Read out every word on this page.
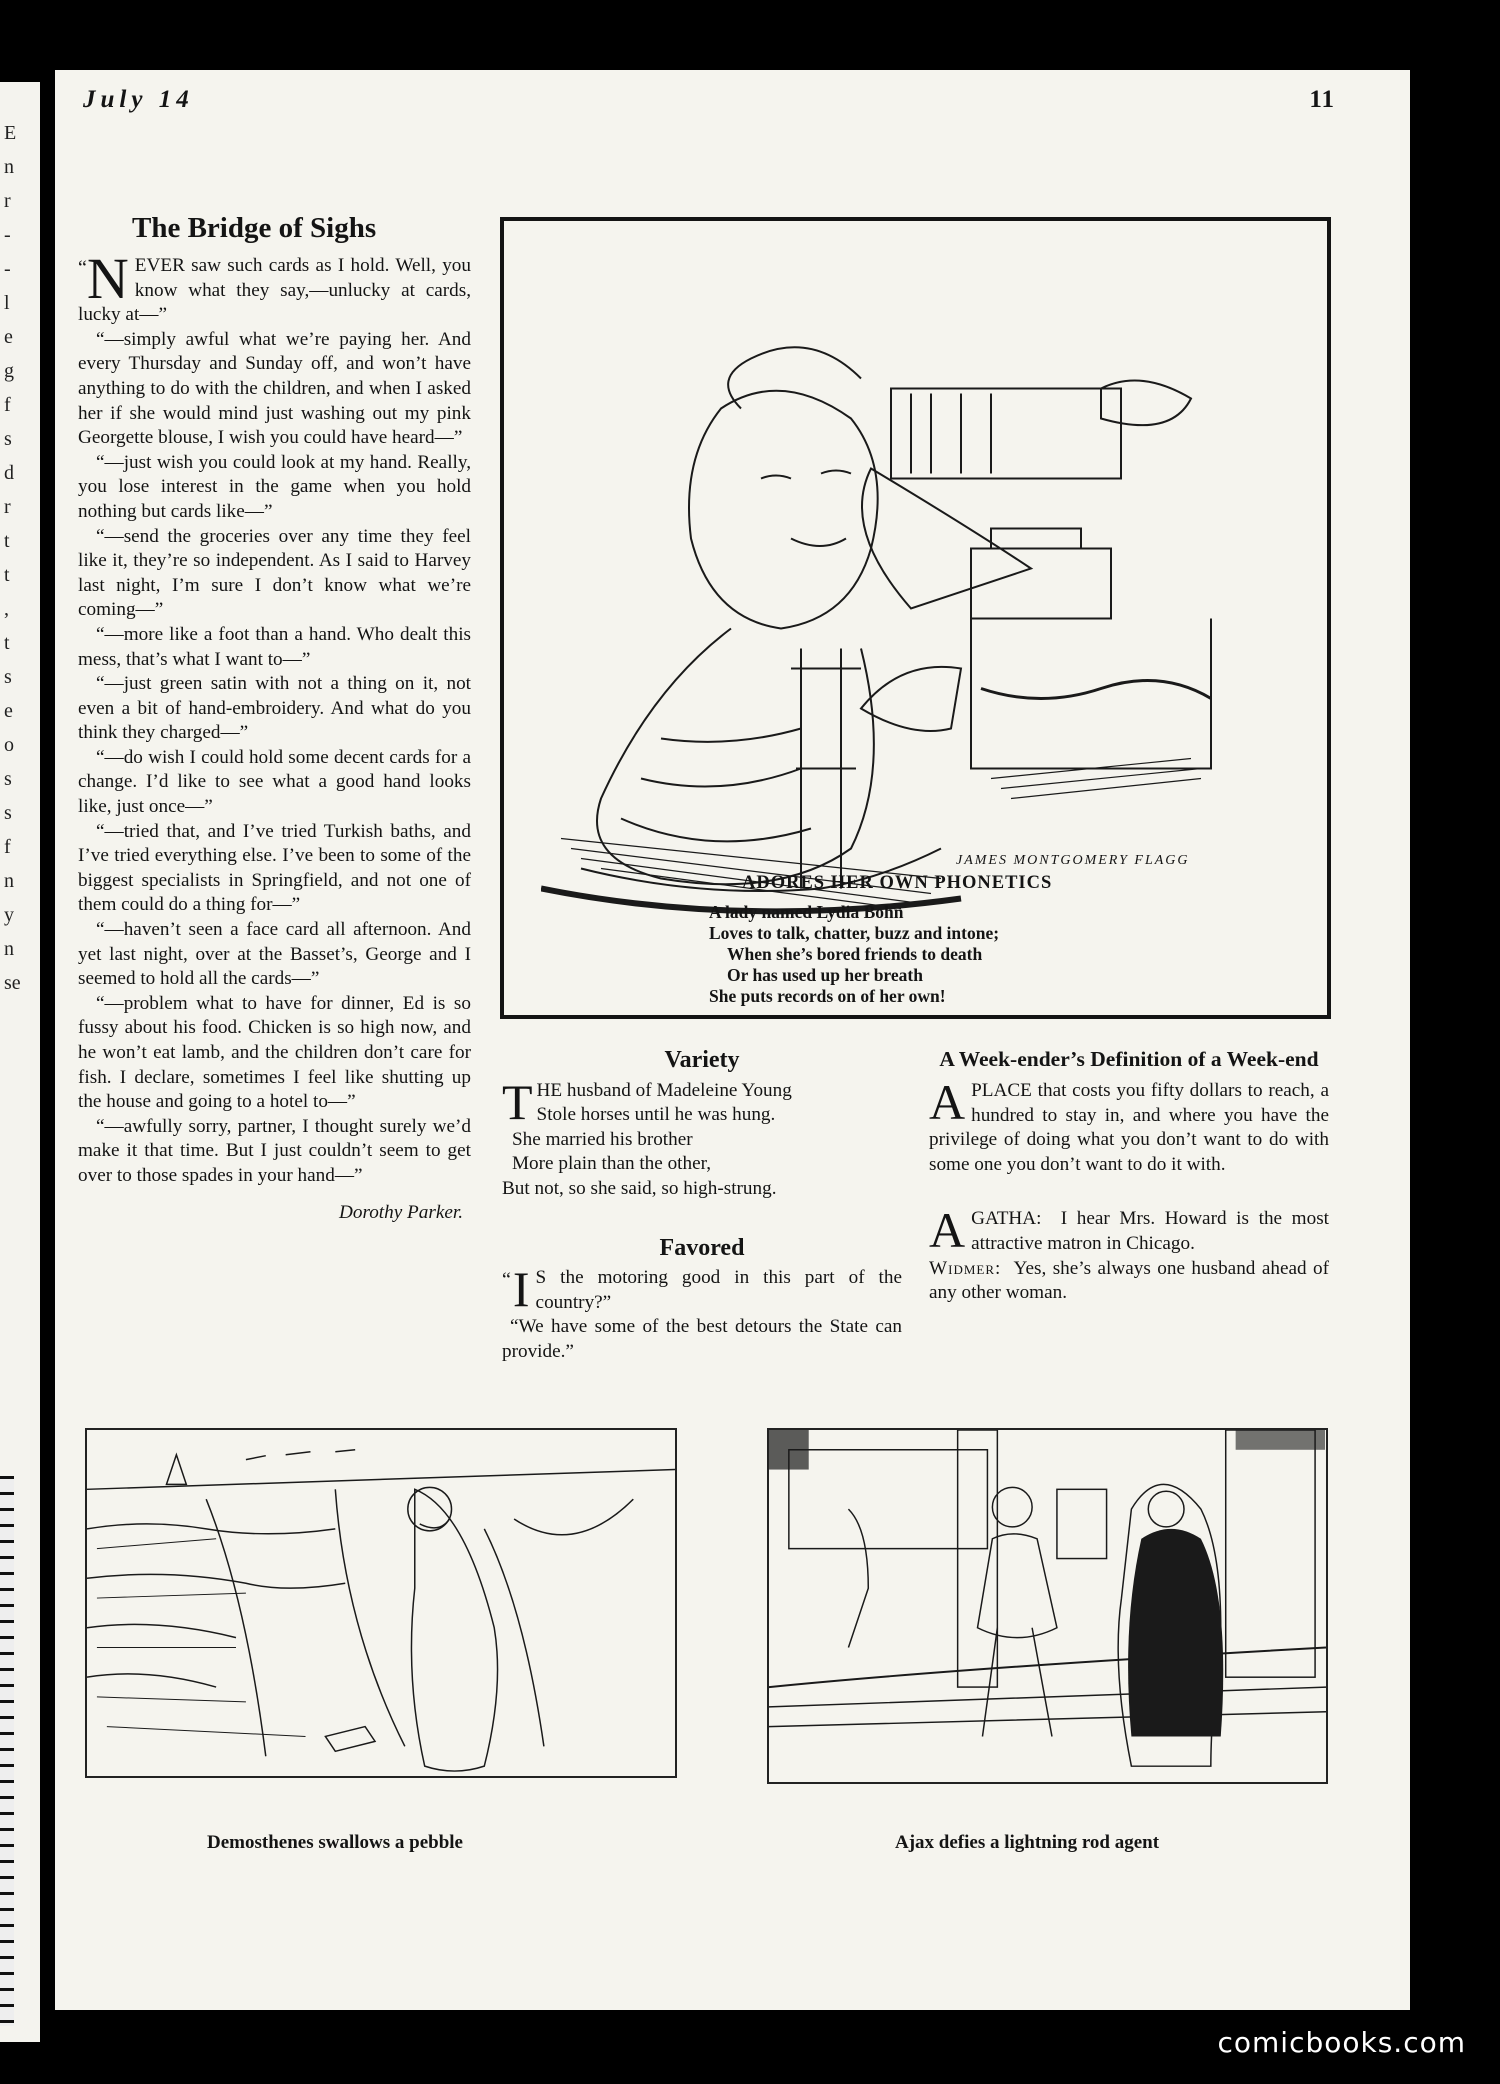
E
n
r
-
-
l
e
g
f
s
d
r
t
t
,
t
s
e
o
s
s
f
n
y
n
se
July 14	11
The Bridge of Sighs

“ N EVER saw such cards as I hold. Well, you know what they say,—unlucky at cards, lucky at—”

“—simply awful what we’re paying her. And every Thursday and Sunday off, and won’t have anything to do with the children, and when I asked her if she would mind just washing out my pink Georgette blouse, I wish you could have heard—”

“—just wish you could look at my hand. Really, you lose interest in the game when you hold nothing but cards like—”

“—send the groceries over any time they feel like it, they’re so independent. As I said to Harvey last night, I’m sure I don’t know what we’re coming—”

“—more like a foot than a hand. Who dealt this mess, that’s what I want to—”

“—just green satin with not a thing on it, not even a bit of hand-embroidery. And what do you think they charged—”

“—do wish I could hold some decent cards for a change. I’d like to see what a good hand looks like, just once—”

“—tried that, and I’ve tried Turkish baths, and I’ve tried everything else. I’ve been to some of the biggest specialists in Springfield, and not one of them could do a thing for—”

“—haven’t seen a face card all afternoon. And yet last night, over at the Basset’s, George and I seemed to hold all the cards—”

“—problem what to have for dinner, Ed is so fussy about his food. Chicken is so high now, and he won’t eat lamb, and the children don’t care for fish. I declare, sometimes I feel like shutting up the house and going to a hotel to—”

“—awfully sorry, partner, I thought surely we’d make it that time. But I just couldn’t seem to get over to those spades in your hand—”

Dorothy Parker.
JAMES MONTGOMERY FLAGG
ADORES HER OWN PHONETICS
A lady named Lydia Bohn
Loves to talk, chatter, buzz and intone;
When she’s bored friends to death
Or has used up her breath
She puts records on of her own!
Variety
T HE husband of Madeleine Young
Stole horses until he was hung.
She married his brother
More plain than the other,
But not, so she said, so high-strung.
Favored
“ I S the motoring good in this part of the country?”
“We have some of the best detours the State can provide.”
A Week-ender’s Definition of a Week-end
A PLACE that costs you fifty dollars to reach, a hundred to stay in, and where you have the privilege of doing what you don’t want to do with some one you don’t want to do it with.
A GATHA: I hear Mrs. Howard is the most attractive matron in Chicago.
Widmer: Yes, she’s always one husband ahead of any other woman.
Demosthenes swallows a pebble	Ajax defies a lightning rod agent
comicbooks.com
